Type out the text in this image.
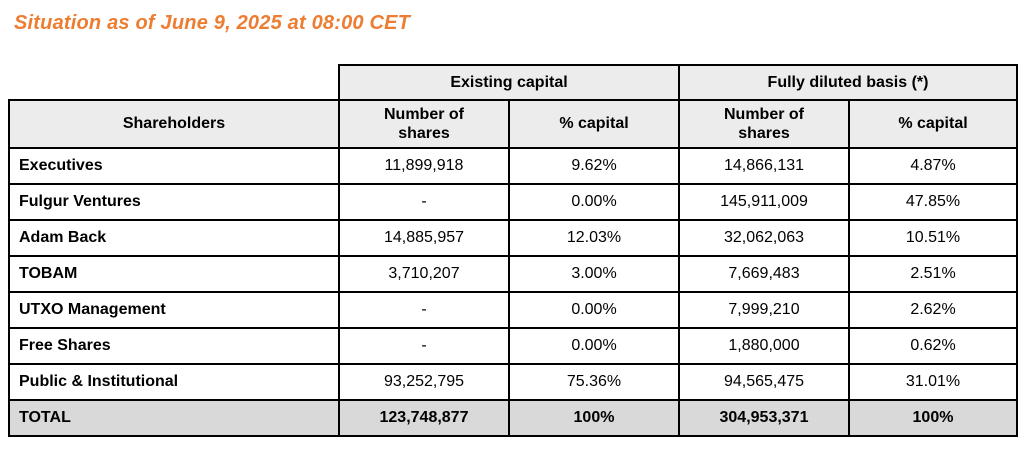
Situation as of June 9, 2025 at 08:00 CET
	Existing capital		Fully diluted basis (*)	
Shareholders	Number of shares	% capital	Number of shares	% capital
Executives	11,899,918	9.62%	14,866,131	4.87%
Fulgur Ventures	-	0.00%	145,911,009	47.85%
Adam Back	14,885,957	12.03%	32,062,063	10.51%
TOBAM	3,710,207	3.00%	7,669,483	2.51%
UTXO Management	-	0.00%	7,999,210	2.62%
Free Shares	-	0.00%	1,880,000	0.62%
Public & Institutional	93,252,795	75.36%	94,565,475	31.01%
TOTAL	123,748,877	100%	304,953,371	100%
